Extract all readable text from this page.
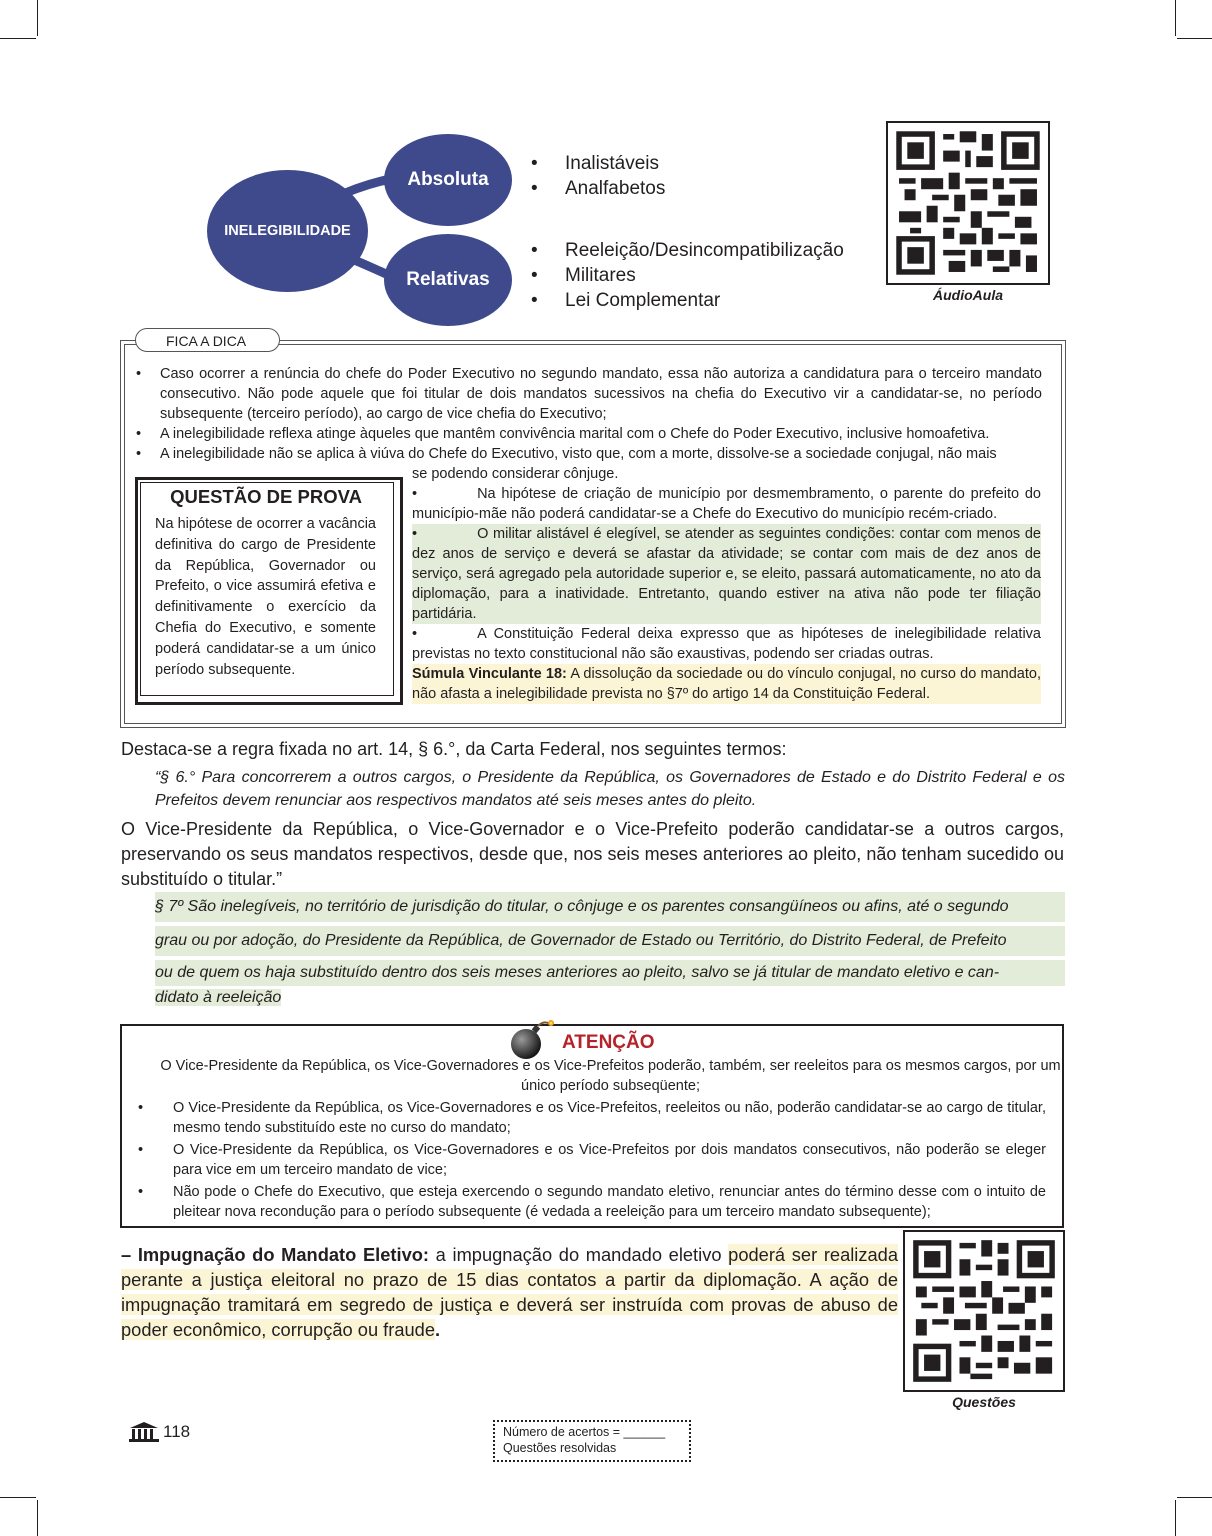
INELEGIBILIDADE
Absoluta
Relativas
•	Inalistáveis
•	Analfabetos
•	Reeleição/Desincompatibilização
•	Militares
•	Lei Complementar	ÁudioAula
FICA A DICA
• Caso ocorrer a renúncia do chefe do Poder Executivo no segundo mandato, essa não autoriza a candidatura para o terceiro mandato consecutivo. Não pode aquele que foi titular de dois mandatos sucessivos na chefia do Executivo vir a candidatar-se, no período subsequente (terceiro período), ao cargo de vice chefia do Executivo;
• A inelegibilidade reflexa atinge àqueles que mantêm convivência marital com o Chefe do Poder Executivo, inclusive homoafetiva.
• A inelegibilidade não se aplica à viúva do Chefe do Executivo, visto que, com a morte, dissolve-se a sociedade conjugal, não mais
se podendo considerar cônjuge.
•	Na hipótese de criação de município por desmembramento, o parente do prefeito do município-mãe não poderá candidatar-se a Chefe do Executivo do município recém-criado.
•	O militar alistável é elegível, se atender as seguintes condições: contar com menos de dez anos de serviço e deverá se afastar da atividade; se contar com mais de dez anos de serviço, será agregado pela autoridade superior e, se eleito, passará automaticamente, no ato da diplomação, para a inatividade. Entretanto, quando estiver na ativa não pode ter filiação partidária.
•	A Constituição Federal deixa expresso que as hipóteses de inelegibilidade relativa previstas no texto constitucional não são exaustivas, podendo ser criadas outras.
Súmula Vinculante 18: A dissolução da sociedade ou do vínculo conjugal, no curso do mandato, não afasta a inelegibilidade prevista no §7º do artigo 14 da Constituição Federal.
QUESTÃO DE PROVA
Na hipótese de ocorrer a vacância definitiva do cargo de Presidente da República, Governador ou Prefeito, o vice assumirá efetiva e definitivamente o exercício da Chefia do Executivo, e somente poderá candidatar-se a um único período subsequente.
Destaca-se a regra fixada no art. 14, § 6.°, da Carta Federal, nos seguintes termos:
“§ 6.° Para concorrerem a outros cargos, o Presidente da República, os Governadores de Estado e do Distrito Federal e os Prefeitos devem renunciar aos respectivos mandatos até seis meses antes do pleito.
O Vice-Presidente da República, o Vice-Governador e o Vice-Prefeito poderão candidatar-se a outros cargos, preservando os seus mandatos respectivos, desde que, nos seis meses anteriores ao pleito, não tenham sucedido ou substituído o titular.”
§ 7º São inelegíveis, no território de jurisdição do titular, o cônjuge e os parentes consangüíneos ou afins, até o segundo
grau ou por adoção, do Presidente da República, de Governador de Estado ou Território, do Distrito Federal, de Prefeito
ou de quem os haja substituído dentro dos seis meses anteriores ao pleito, salvo se já titular de mandato eletivo e can-
didato à reeleição
ATENÇÃO
O Vice-Presidente da República, os Vice-Governadores e os Vice-Prefeitos poderão, também, ser reeleitos para os mesmos cargos, por um único período subseqüente;
• O Vice-Presidente da República, os Vice-Governadores e os Vice-Prefeitos, reeleitos ou não, poderão candidatar-se ao cargo de titular, mesmo tendo substituído este no curso do mandato;
• O Vice-Presidente da República, os Vice-Governadores e os Vice-Prefeitos por dois mandatos consecutivos, não poderão se eleger para vice em um terceiro mandato de vice;
• Não pode o Chefe do Executivo, que esteja exercendo o segundo mandato eletivo, renunciar antes do término desse com o intuito de pleitear nova recondução para o período subsequente (é vedada a reeleição para um terceiro mandato subsequente);
– Impugnação do Mandato Eletivo: a impugnação do mandado eletivo poderá ser realizada perante a justiça eleitoral no prazo de 15 dias contatos a partir da diplomação. A ação de impugnação tramitará em segredo de justiça e deverá ser instruída com provas de abuso de poder econômico, corrupção ou fraude.
Questões
118	Número de acertos = ______
Questões resolvidas
